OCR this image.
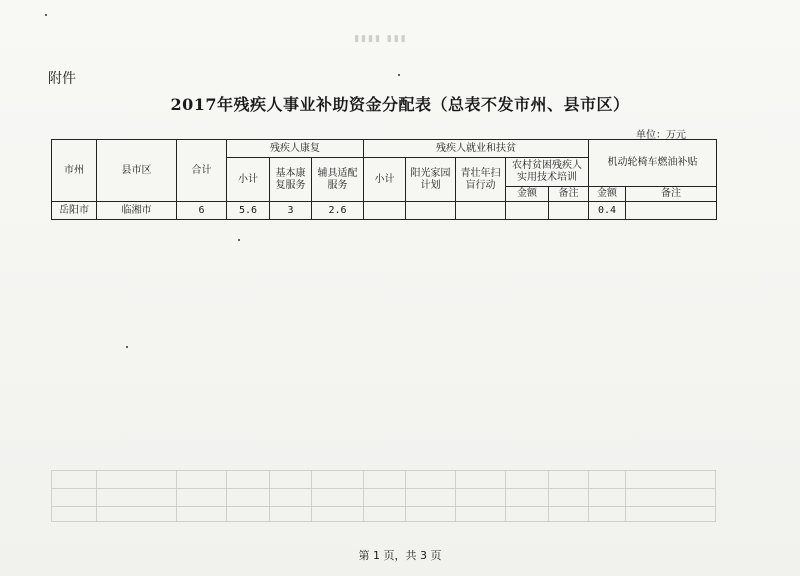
▮▮▮ ▮▮▮▮
附件
2017年残疾人事业补助资金分配表（总表不发市州、县市区）
单位：万元
市州	县市区	合计	残疾人康复			残疾人就业和扶贫					机动轮椅车燃油补贴	
			小计	基本康复服务	辅具适配服务	小计	阳光家园计划	青壮年扫盲行动	农村贫困残疾人实用技术培训			
									金额	备注	金额	备注
岳阳市	临湘市	6	5.6	3	2.6						0.4	
第 1 页，共 3 页
